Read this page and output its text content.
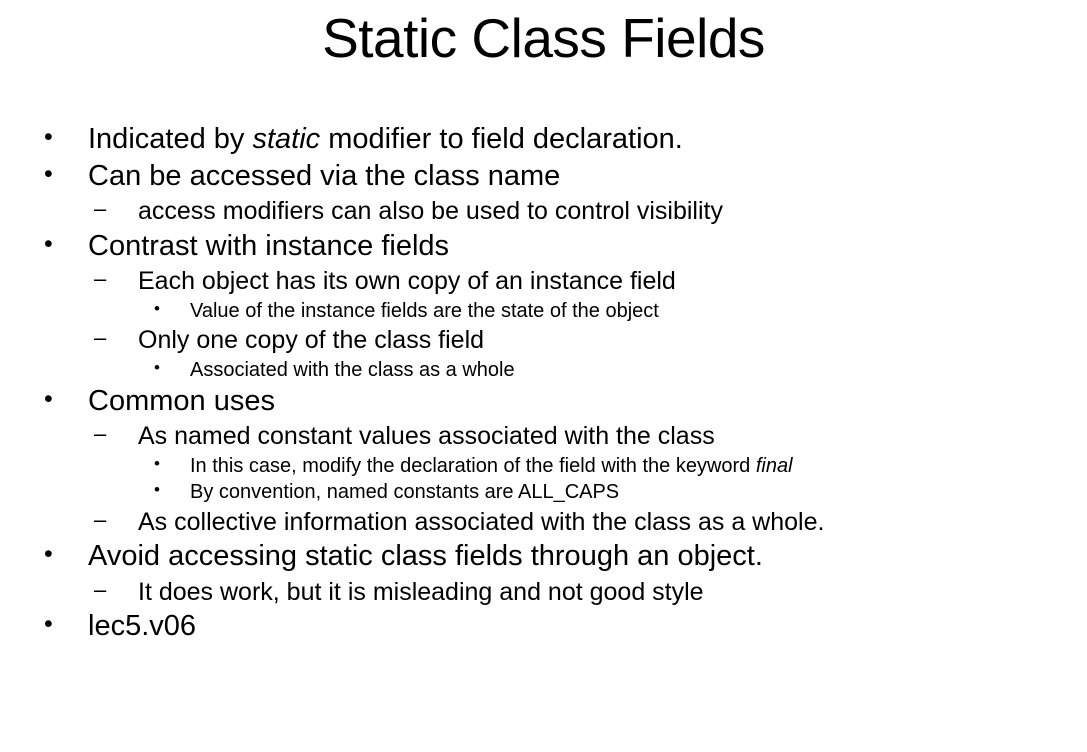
Static Class Fields
•	Indicated by static modifier to field declaration.
•	Can be accessed via the class name
–	access modifiers can also be used to control visibility
•	Contrast with instance fields
–	Each object has its own copy of an instance field
•	Value of the instance fields are the state of the object
–	Only one copy of the class field
•	Associated with the class as a whole
•	Common uses
–	As named constant values associated with the class
•	In this case, modify the declaration of the field with the keyword final
•	By convention, named constants are ALL_CAPS
–	As collective information associated with the class as a whole.
•	Avoid accessing static class fields through an object.
–	It does work, but it is misleading and not good style
•	lec5.v06
